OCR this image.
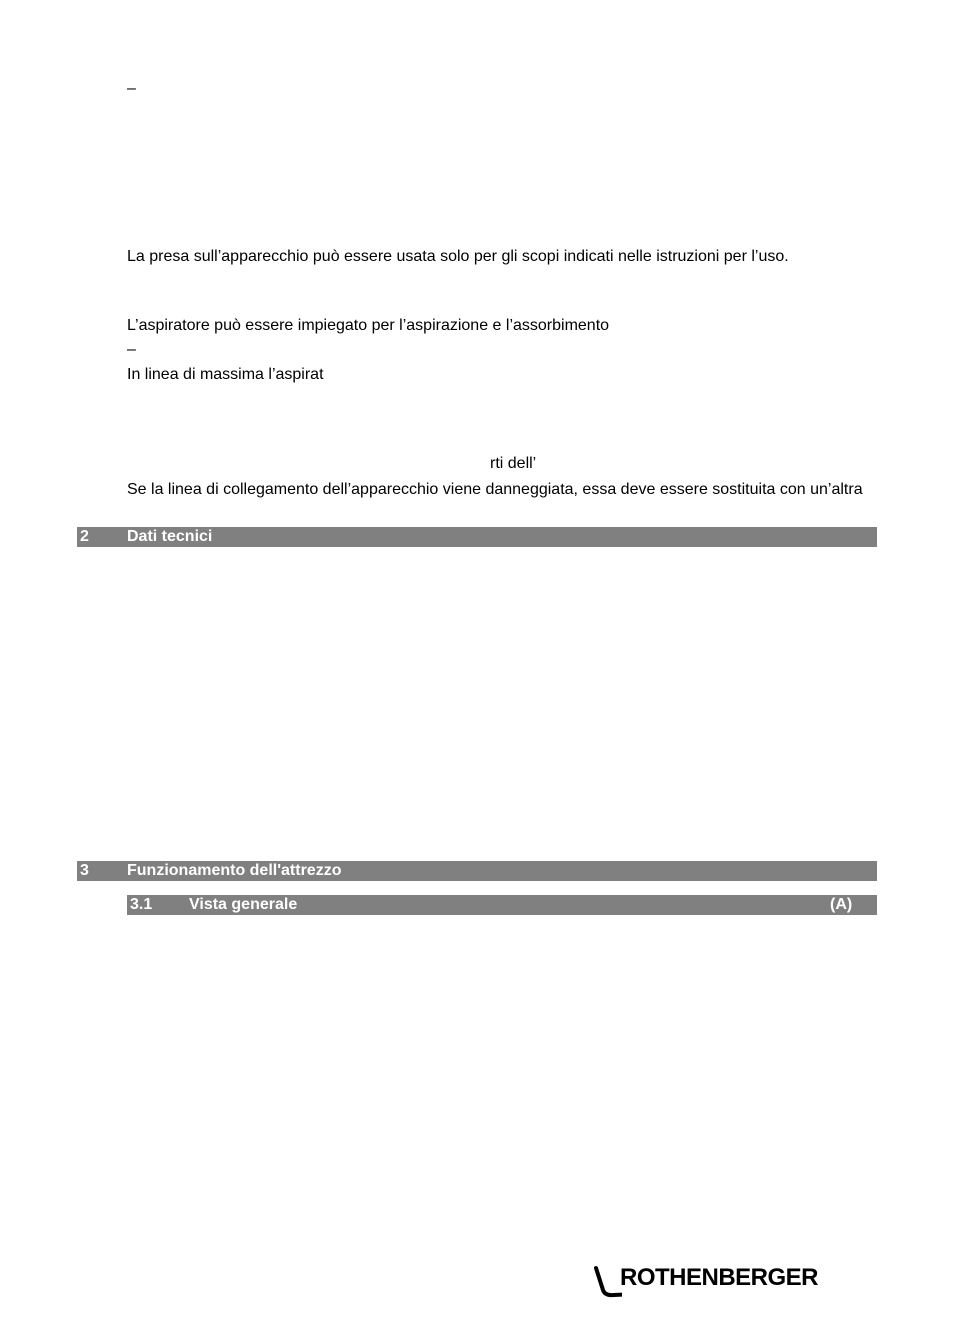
–
La presa sull’apparecchio può essere usata solo per gli scopi indicati nelle istruzioni per l’uso.
L’aspiratore può essere impiegato per l’aspirazione e l’assorbimento
–
In linea di massima l’aspirat
rti dell’
Se la linea di collegamento dell’apparecchio viene danneggiata, essa deve essere sostituita con un’altra
2 Dati tecnici
3 Funzionamento dell'attrezzo
3.1 Vista generale	(A)
ROTHENBERGER
